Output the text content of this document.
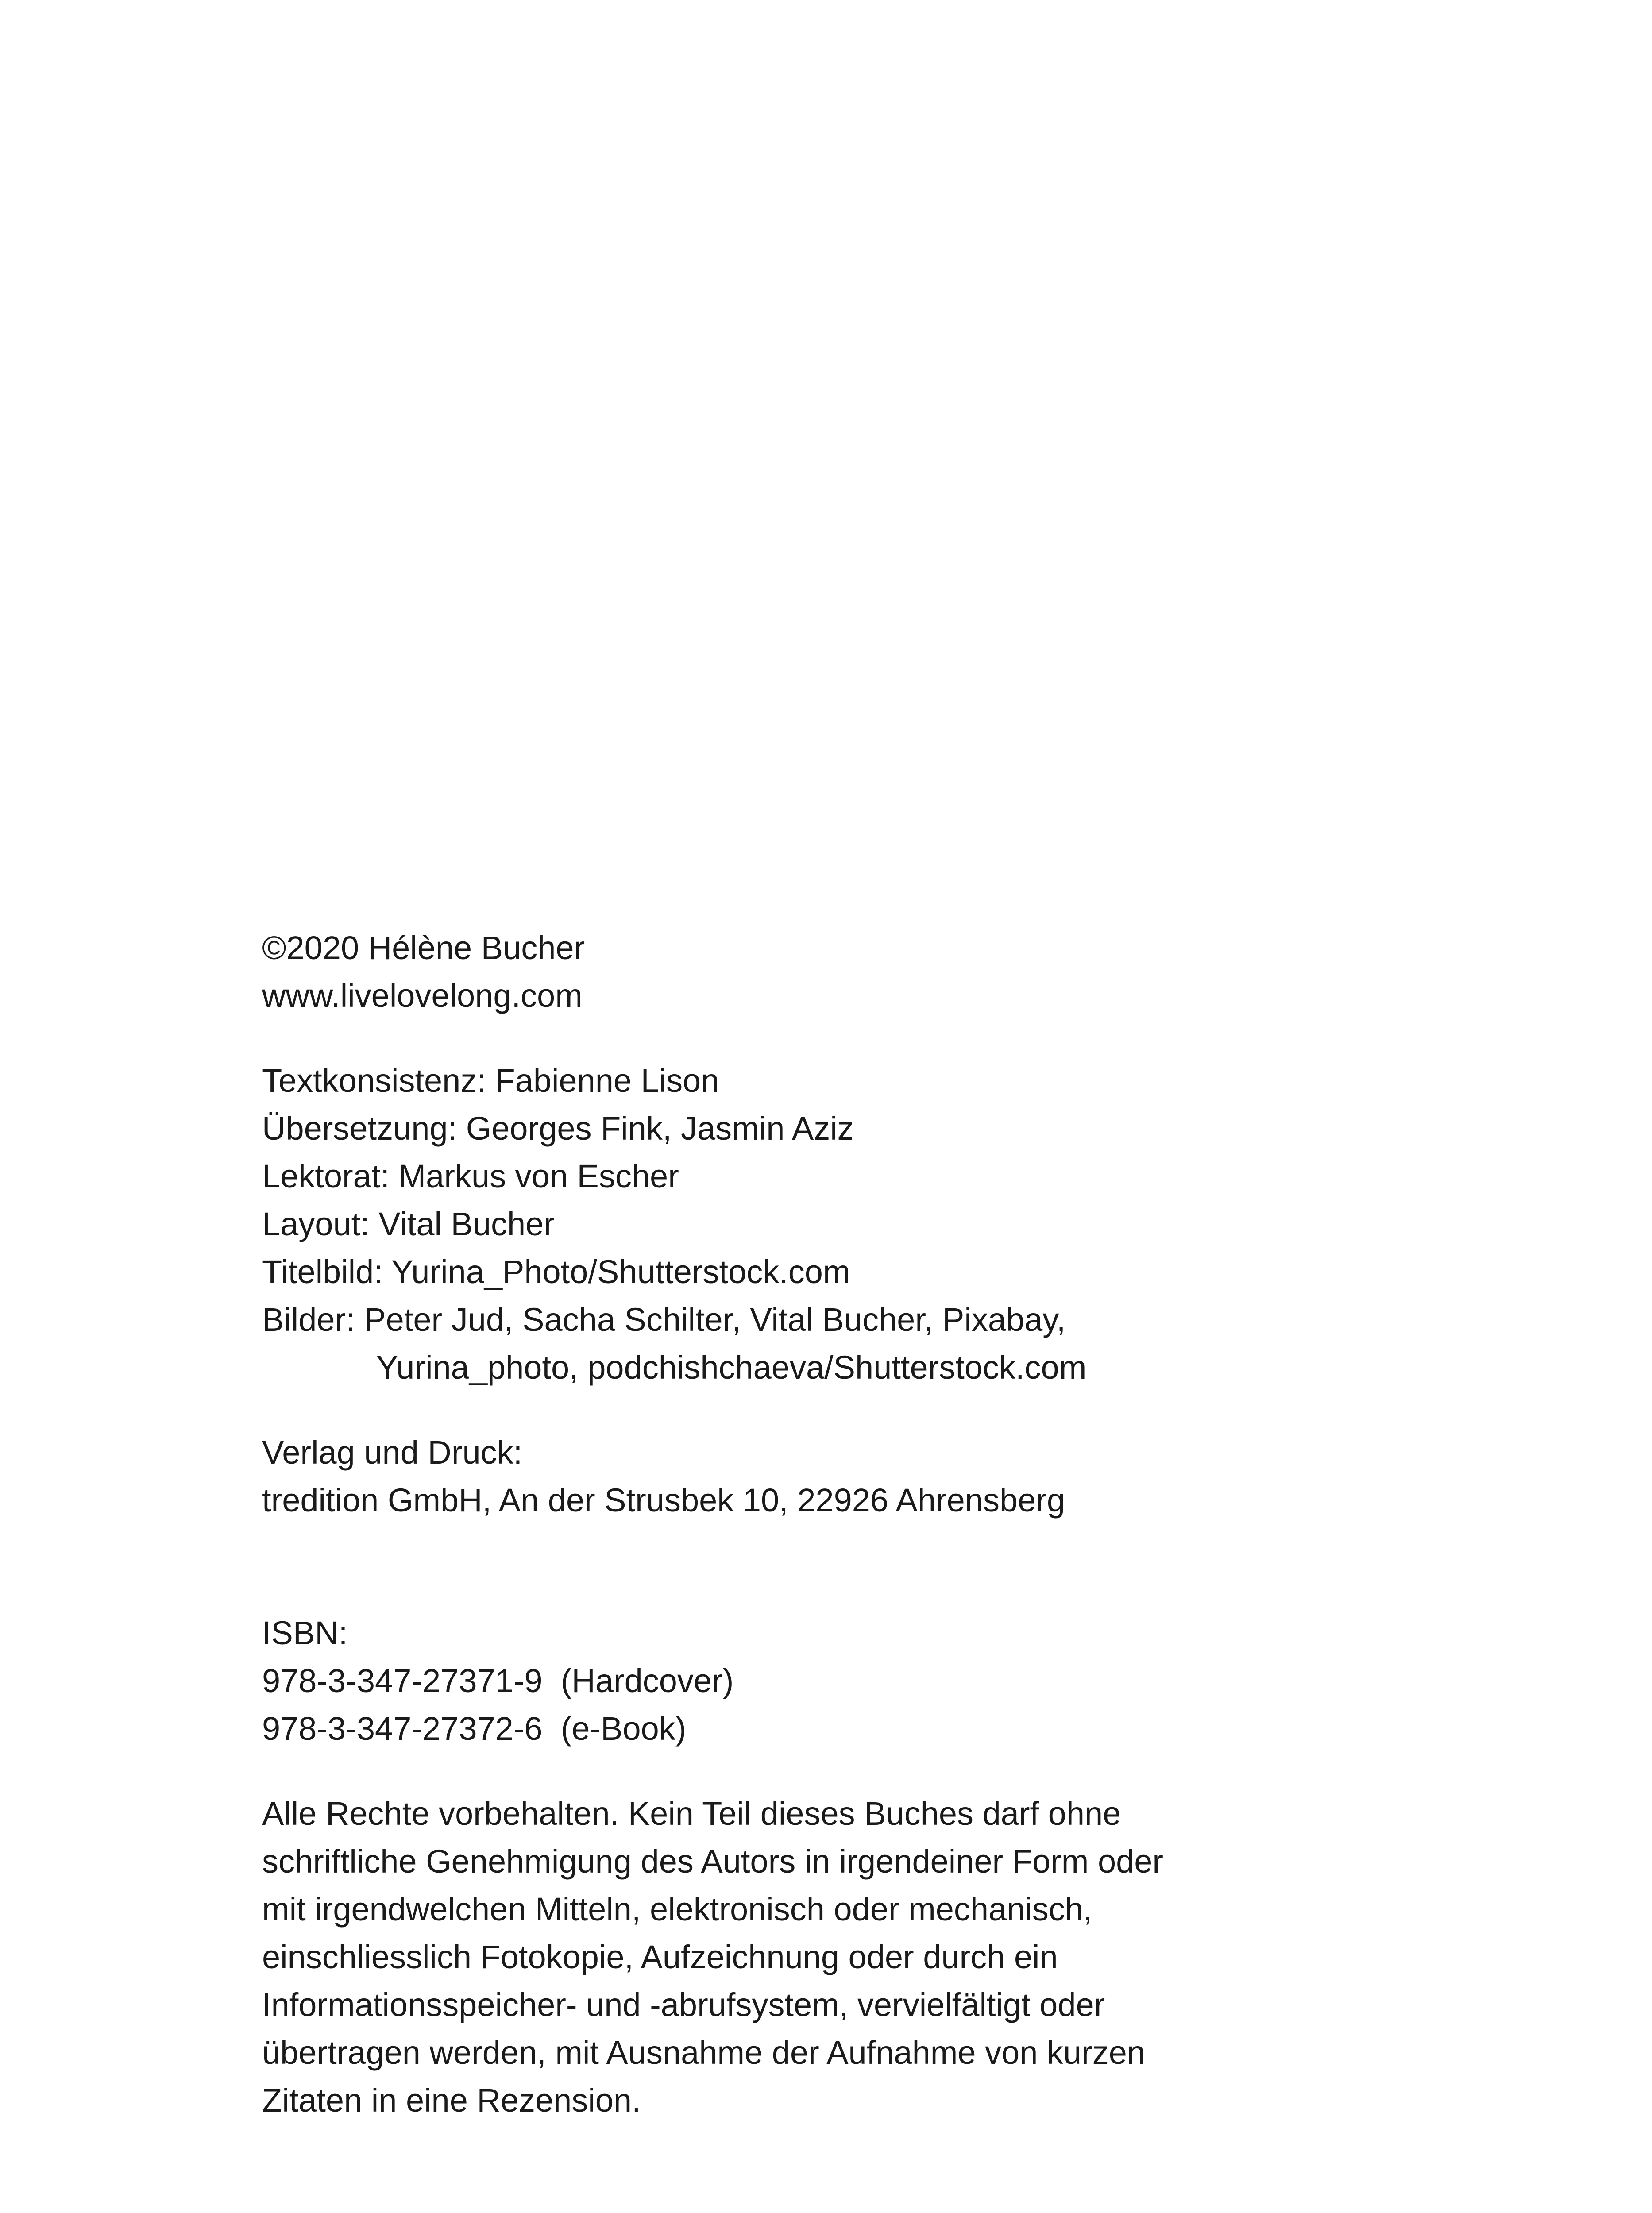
©2020 Hélène Bucher
www.livelovelong.com
Textkonsistenz: Fabienne Lison
Übersetzung: Georges Fink, Jasmin Aziz
Lektorat: Markus von Escher
Layout: Vital Bucher
Titelbild: Yurina_Photo/Shutterstock.com
Bilder: Peter Jud, Sacha Schilter, Vital Bucher, Pixabay,
Yurina_photo, podchishchaeva/Shutterstock.com
Verlag und Druck:
tredition GmbH, An der Strusbek 10, 22926 Ahrensberg
ISBN:
978-3-347-27371-9  (Hardcover)
978-3-347-27372-6  (e-Book)
Alle Rechte vorbehalten. Kein Teil dieses Buches darf ohne
schriftliche Genehmigung des Autors in irgendeiner Form oder
mit irgendwelchen Mitteln, elektronisch oder mechanisch,
einschliesslich Fotokopie, Aufzeichnung oder durch ein
Informationsspeicher- und -abrufsystem, vervielfältigt oder
übertragen werden, mit Ausnahme der Aufnahme von kurzen
Zitaten in eine Rezension.
